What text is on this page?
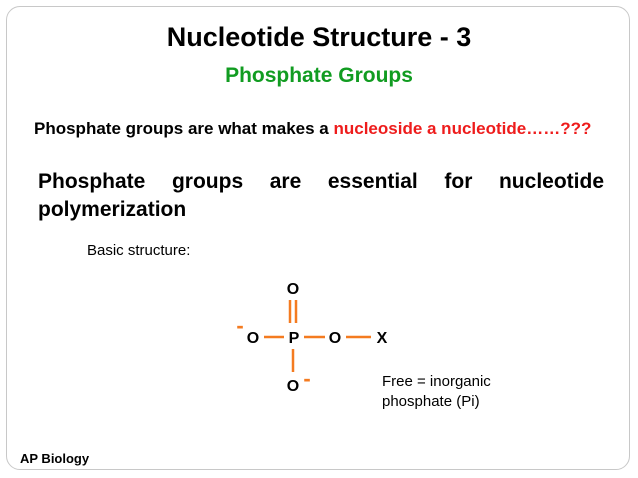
Nucleotide Structure - 3
Phosphate Groups
Phosphate groups are what makes a nucleoside a nucleotide……???
Phosphate groups are essential for nucleotide polymerization
Basic structure:
O
O P O X
O
-
-	Free = inorganic phosphate (Pi)
AP Biology
